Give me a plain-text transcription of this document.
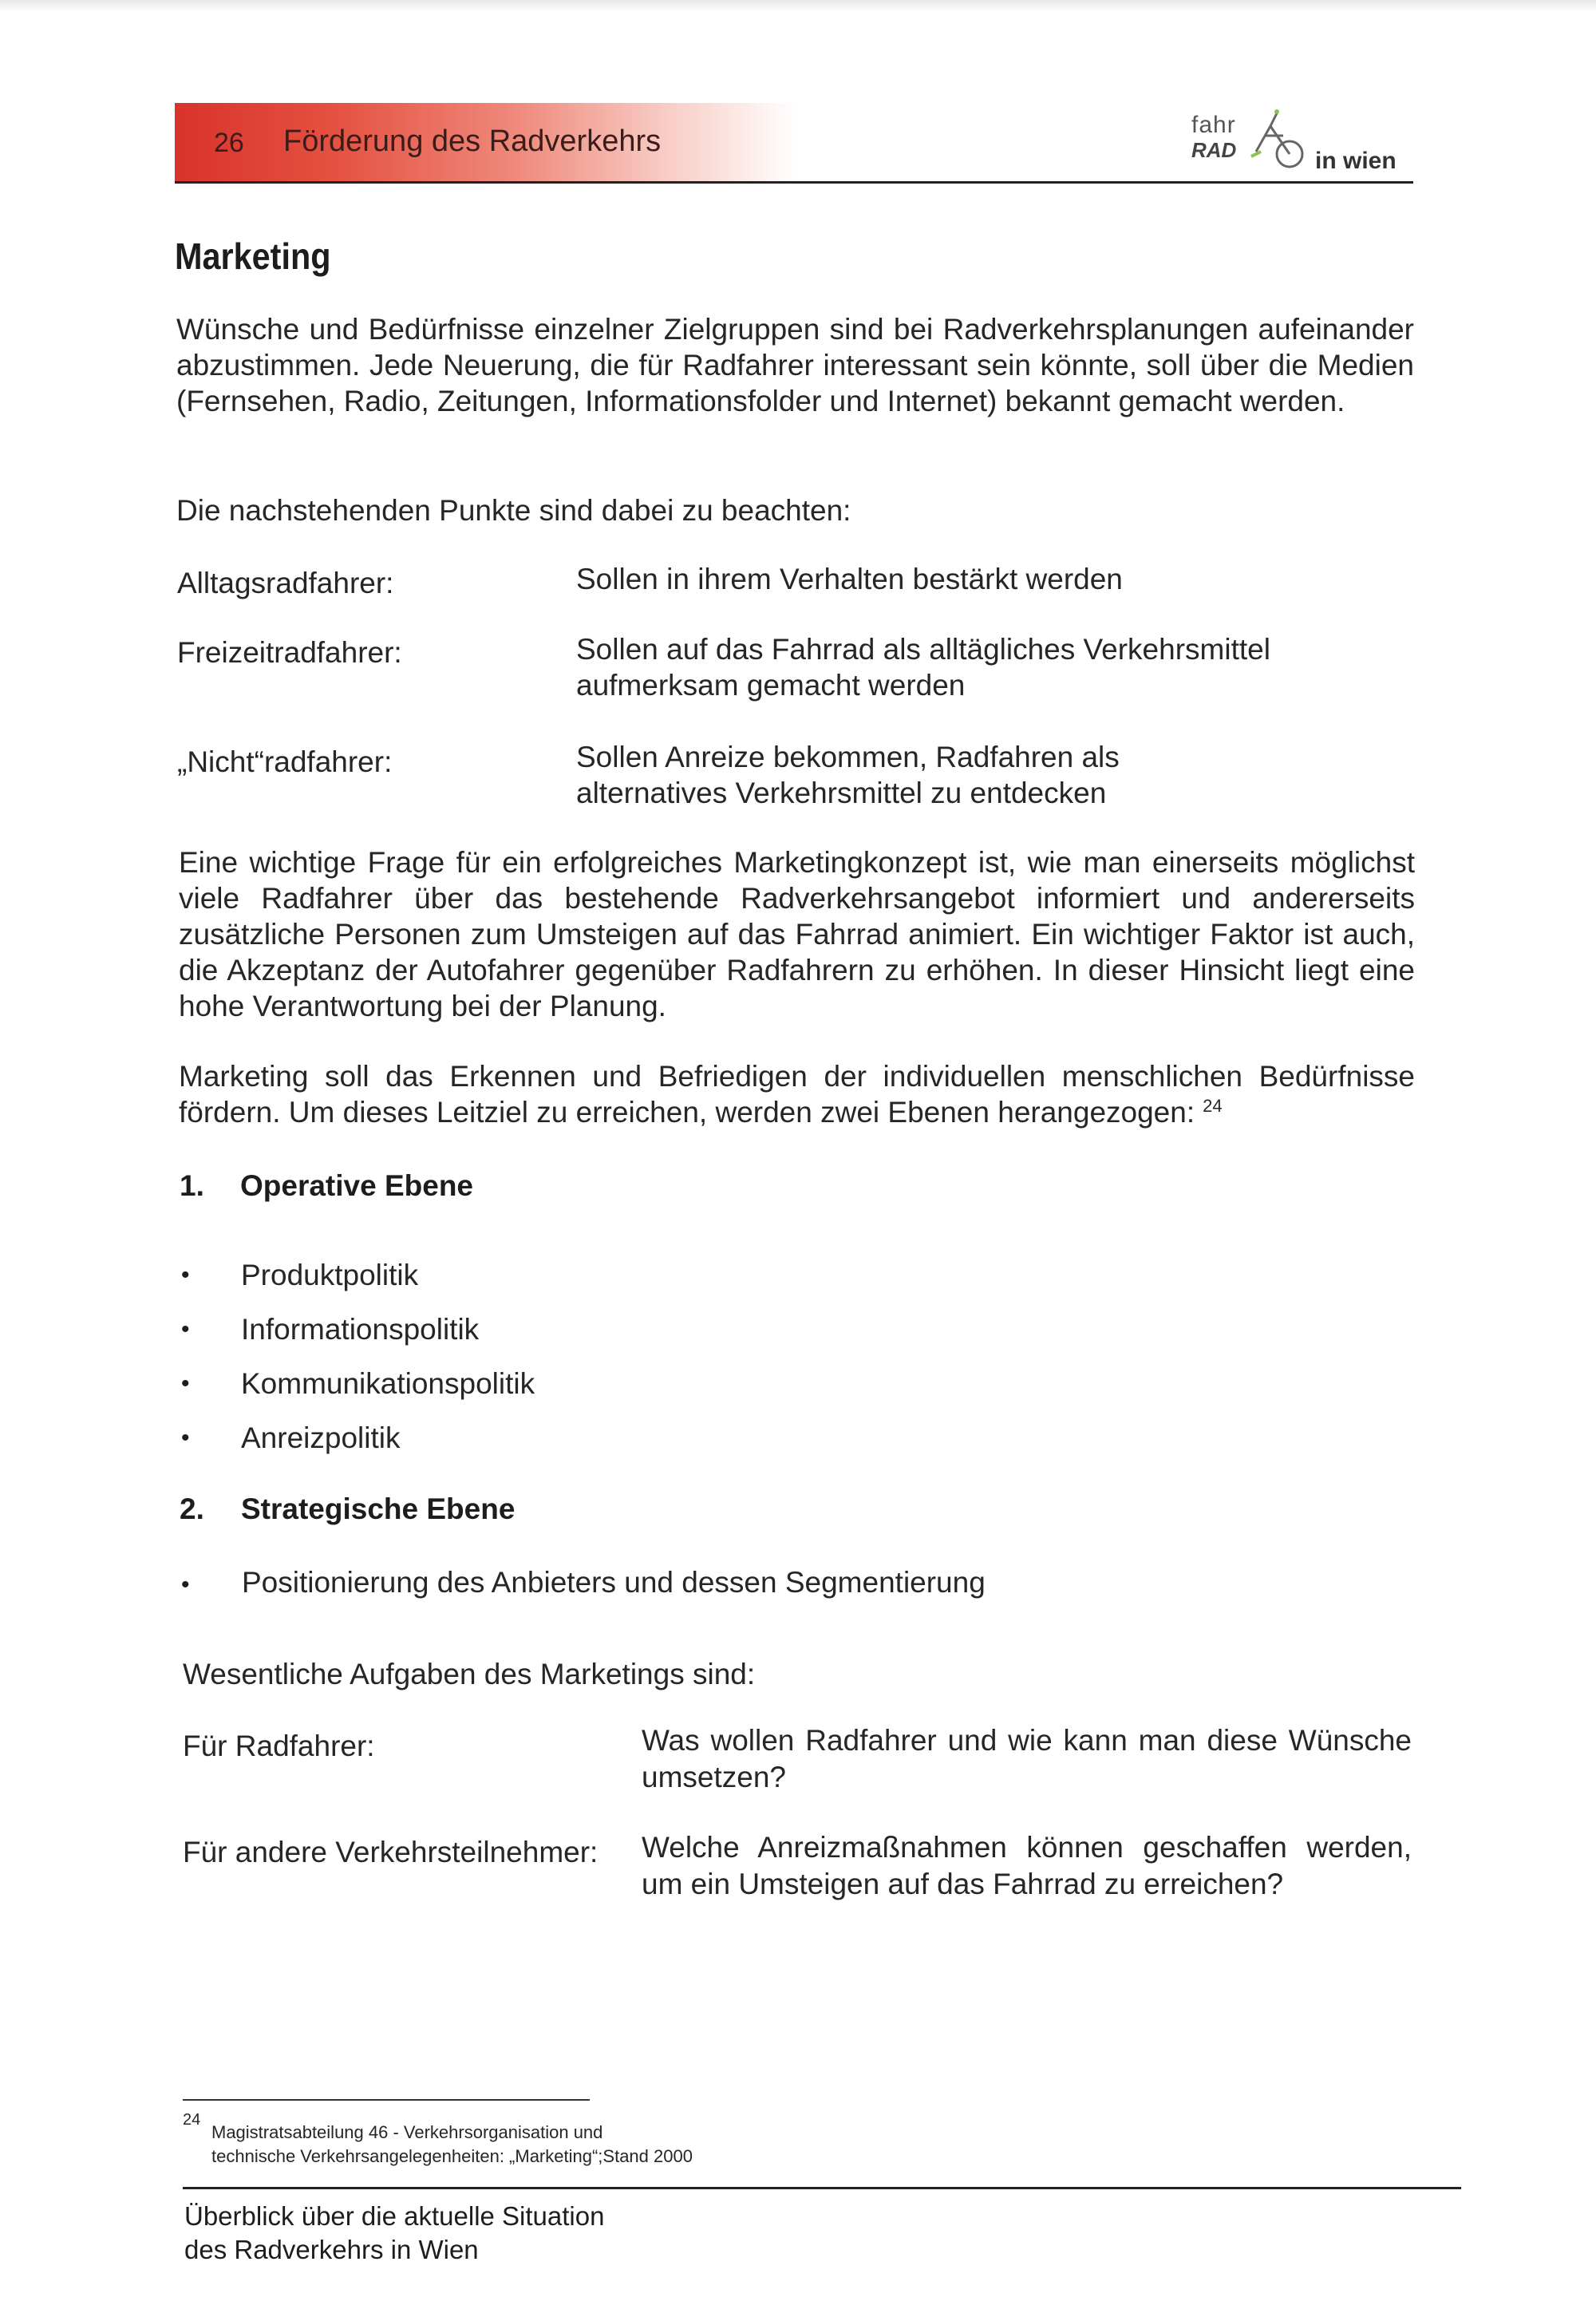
26 Förderung des Radverkehrs	fahr
RAD	in wien
Marketing

Wünsche und Bedürfnisse einzelner Zielgruppen sind bei Radverkehrsplanungen aufeinander abzustimmen. Jede Neuerung, die für Radfahrer interessant sein könnte, soll über die Medien (Fernsehen, Radio, Zeitungen, Informationsfolder und Internet) bekannt gemacht werden.

Die nachstehenden Punkte sind dabei zu beachten:

Alltagsradfahrer:	Sollen in ihrem Verhalten bestärkt werden
Freizeitradfahrer:	Sollen auf das Fahrrad als alltägliches Verkehrsmittel aufmerksam gemacht werden
„Nicht“radfahrer:	Sollen Anreize bekommen, Radfahren als alternatives Verkehrsmittel zu entdecken

Eine wichtige Frage für ein erfolgreiches Marketingkonzept ist, wie man einerseits möglichst viele Radfahrer über das bestehende Radverkehrsangebot informiert und andererseits zusätzliche Personen zum Umsteigen auf das Fahrrad animiert. Ein wichtiger Faktor ist auch, die Akzeptanz der Autofahrer gegenüber Radfahrern zu erhöhen. In dieser Hinsicht liegt eine hohe Verantwortung bei der Planung.

Marketing soll das Erkennen und Befriedigen der individuellen menschlichen Bedürfnisse fördern. Um dieses Leitziel zu erreichen, werden zwei Ebenen herangezogen: $^{24}$

1. Operative Ebene
• Produktpolitik
• Informationspolitik
• Kommunikationspolitik
• Anreizpolitik
2. Strategische Ebene
• Positionierung des Anbieters und dessen Segmentierung
Wesentliche Aufgaben des Marketings sind:
Für Radfahrer:	Was wollen Radfahrer und wie kann man diese Wünsche umsetzen?
Für andere Verkehrsteilnehmer: Welche Anreizmaßnahmen können geschaffen werden, um ein Umsteigen auf das Fahrrad zu erreichen?
24
Magistratsabteilung 46 - Verkehrsorganisation und
technische Verkehrsangelegenheiten: „Marketing“;Stand 2000
Überblick über die aktuelle Situation
des Radverkehrs in Wien
